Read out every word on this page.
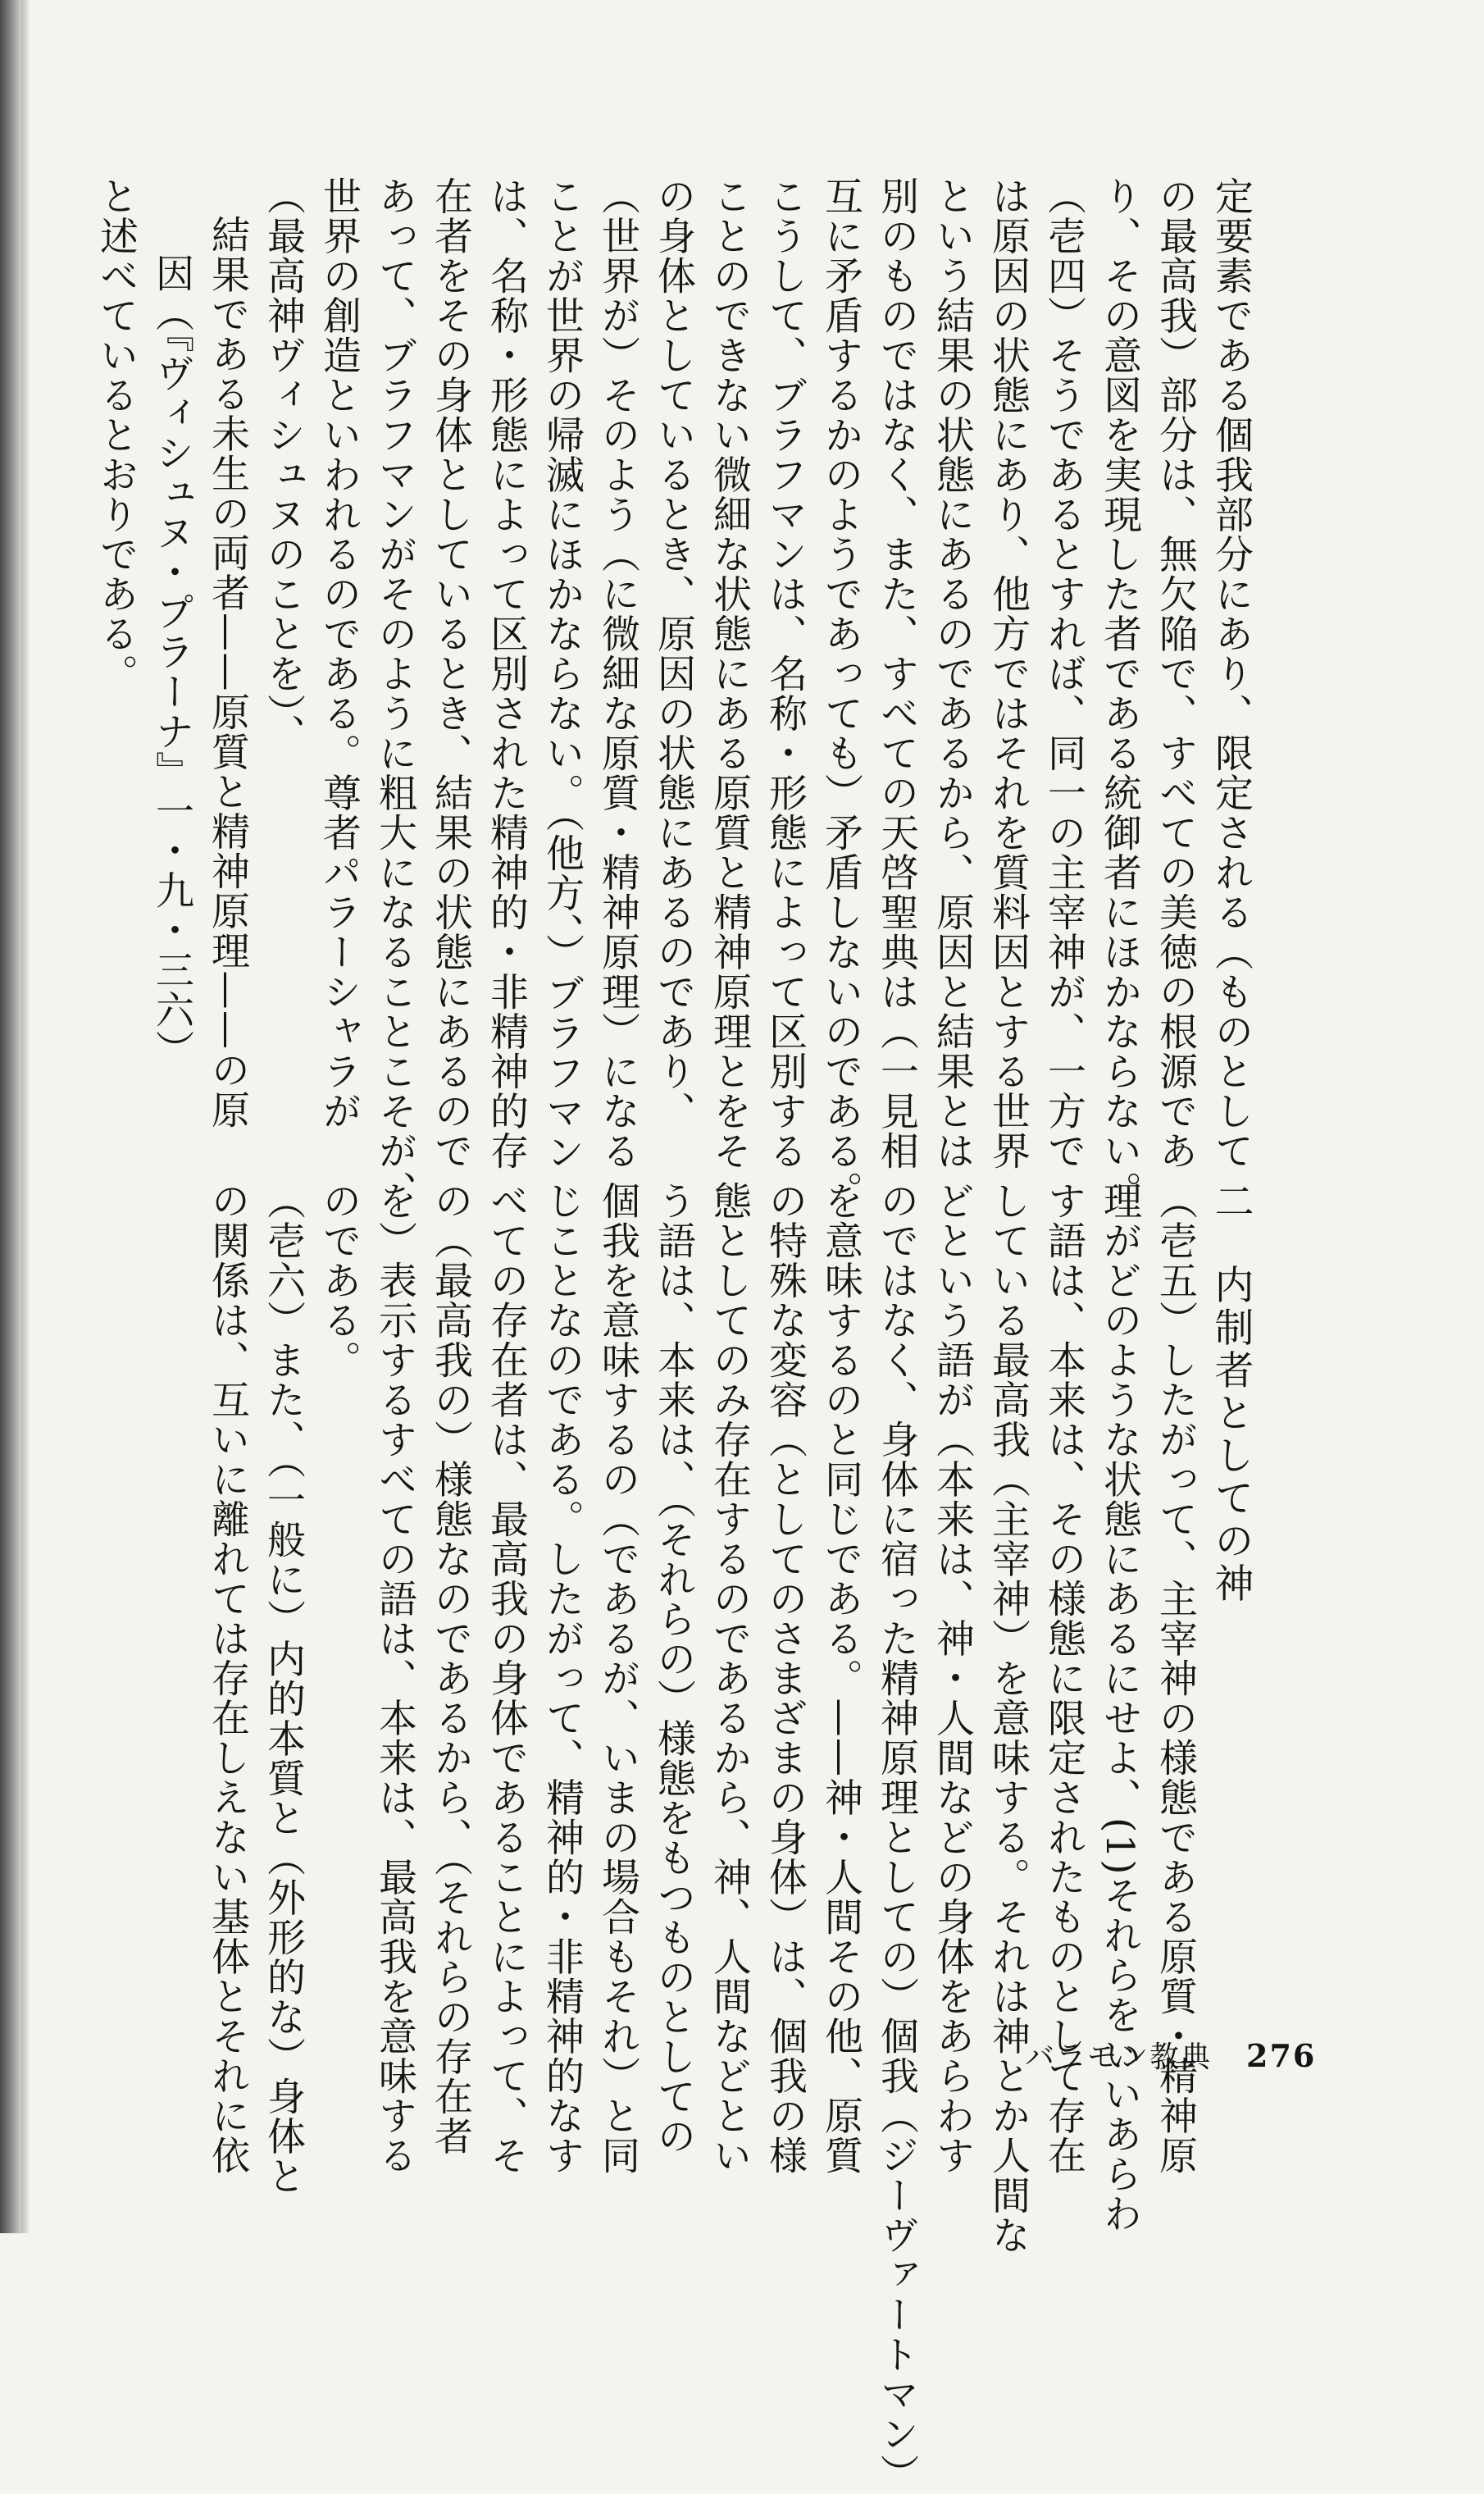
定要素である個我部分にあり、限定される（ものとして
の最高我）部分は、無欠陥で、すべての美徳の根源であ
り、その意図を実現した者である統御者にほかならない。
（壱四）そうであるとすれば、同一の主宰神が、一方で
は原因の状態にあり、他方ではそれを質料因とする世界
という結果の状態にあるのであるから、原因と結果とは
別のものではなく、また、すべての天啓聖典は（一見相
互に矛盾するかのようであっても）矛盾しないのである。
こうして、ブラフマンは、名称・形態によって区別する
ことのできない微細な状態にある原質と精神原理とをそ
の身体としているとき、原因の状態にあるのであり、
（世界が）そのよう（に微細な原質・精神原理）になる
ことが世界の帰滅にほかならない。（他方、）ブラフマン
は、名称・形態によって区別された精神的・非精神的存
在者をその身体としているとき、結果の状態にあるので
あって、ブラフマンがそのように粗大になることこそが、
世界の創造といわれるのである。尊者パラーシャラが
（最高神ヴィシュヌのことを）、
結果である未生の両者——原質と精神原理——の原
因（『ヴィシュヌ・プラーナ』一・九・三六）
と述べているとおりである。
二 内制者としての神
（壱五）したがって、主宰神の様態である原質・精神原
理がどのような状態にあるにせよ、(1)それらをいいあらわ
す語は、本来は、その様態に限定されたものとして存在
している最高我（主宰神）を意味する。それは神とか人間な
どという語が（本来は、神・人間などの身体をあらわす
のではなく、身体に宿った精神原理としての）個我（ジーヴァートマン）
を意味するのと同じである。——神・人間その他、原質
の特殊な変容（としてのさまざまの身体）は、個我の様
態としてのみ存在するのであるから、神、人間などとい
う語は、本来は、（それらの）様態をもつものとしての
個我を意味するの（であるが、いまの場合もそれ）と同
じことなのである。したがって、精神的・非精神的なす
べての存在者は、最高我の身体であることによって、そ
の（最高我の）様態なのであるから、（それらの存在者
を）表示するすべての語は、本来は、最高我を意味する
のである。
（壱六）また、（一般に）内的本質と（外形的な）身体と
の関係は、互いに離れては存在しえない基体とそれに依	バラモン教典 276
